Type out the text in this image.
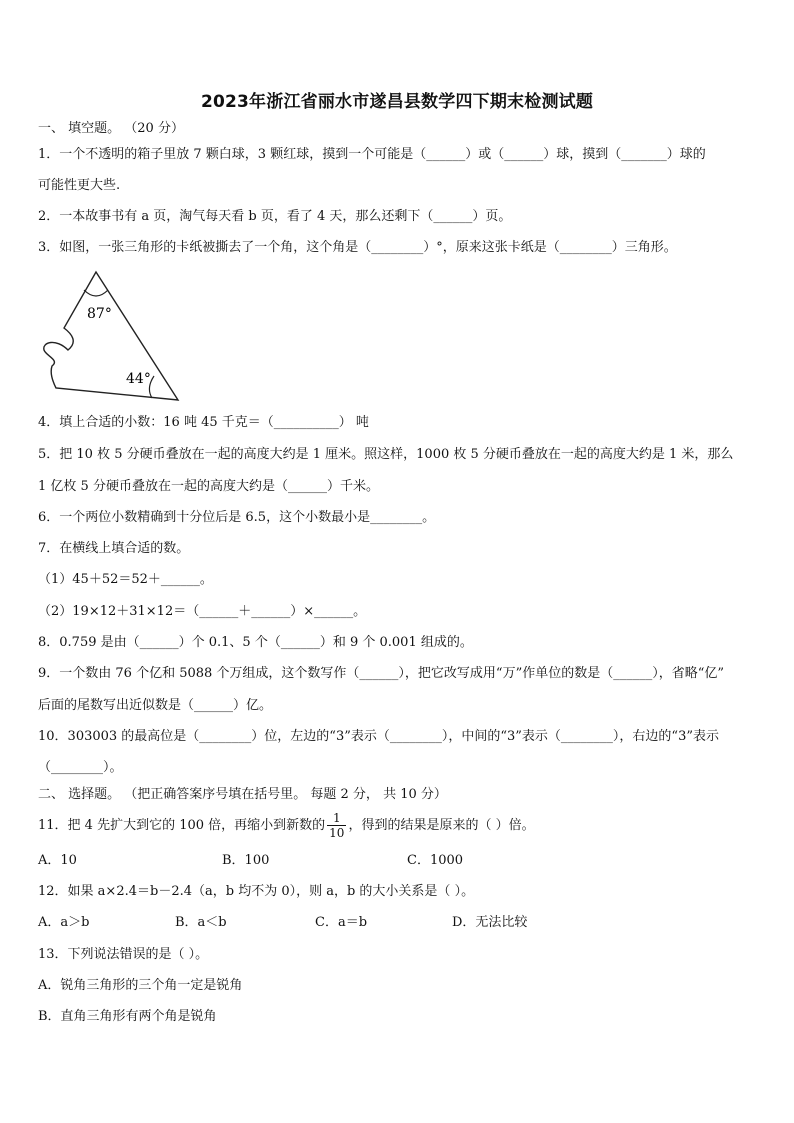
2023年浙江省丽水市遂昌县数学四下期末检测试题
一、 填空题。 （20 分）
1．一个不透明的箱子里放 7 颗白球，3 颗红球，摸到一个可能是（______）或（______）球，摸到（_______）球的
可能性更大些.
2．一本故事书有 a 页，淘气每天看 b 页，看了 4 天，那么还剩下（______）页。
3．如图，一张三角形的卡纸被撕去了一个角，这个角是（________）°，原来这张卡纸是（________）三角形。
87°
44°
4．填上合适的小数：16 吨 45 千克＝（__________） 吨
5．把 10 枚 5 分硬币叠放在一起的高度大约是 1 厘米。照这样，1000 枚 5 分硬币叠放在一起的高度大约是 1 米，那么
1 亿枚 5 分硬币叠放在一起的高度大约是（______）千米。
6．一个两位小数精确到十分位后是 6.5，这个小数最小是________。
7．在横线上填合适的数。
（1）45＋52＝52＋______。
（2）19×12＋31×12＝（______＋______）×______。
8．0.759 是由（______）个 0.1、5 个（______）和 9 个 0.001 组成的。
9．一个数由 76 个亿和 5088 个万组成，这个数写作（______），把它改写成用“万”作单位的数是（______），省略“亿”
后面的尾数写出近似数是（______）亿。
10．303003 的最高位是（________）位，左边的“3”表示（________），中间的“3”表示（________），右边的“3”表示
（________）。
二、 选择题。 （把正确答案序号填在括号里。 每题 2 分， 共 10 分）
11．把 4 先扩大到它的 100 倍，再缩小到新数的 $\frac{1}{10}$ ，得到的结果是原来的（ ）倍。
A．10	B．100	C．1000
12．如果 a×2.4＝b－2.4（a，b 均不为 0），则 a，b 的大小关系是（ ）。
A．a＞b	B．a＜b	C．a＝b	D．无法比较
13．下列说法错误的是（ ）。
A．锐角三角形的三个角一定是锐角
B．直角三角形有两个角是锐角
